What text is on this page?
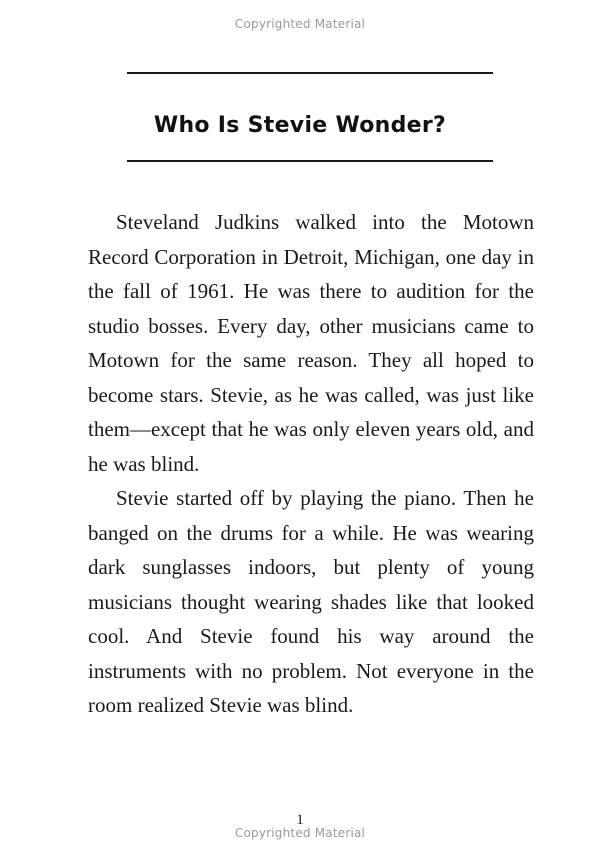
Copyrighted Material
Who Is Stevie Wonder?

Steveland Judkins walked into the Motown Record Corporation in Detroit, Michigan, one day in the fall of 1961. He was there to audition for the studio bosses. Every day, other musicians came to Motown for the same reason. They all hoped to become stars. Stevie, as he was called, was just like them—except that he was only eleven years old, and he was blind.

Stevie started off by playing the piano. Then he banged on the drums for a while. He was wearing dark sunglasses indoors, but plenty of young musicians thought wearing shades like that looked cool. And Stevie found his way around the instruments with no problem. Not everyone in the room realized Stevie was blind.

1
Copyrighted Material
